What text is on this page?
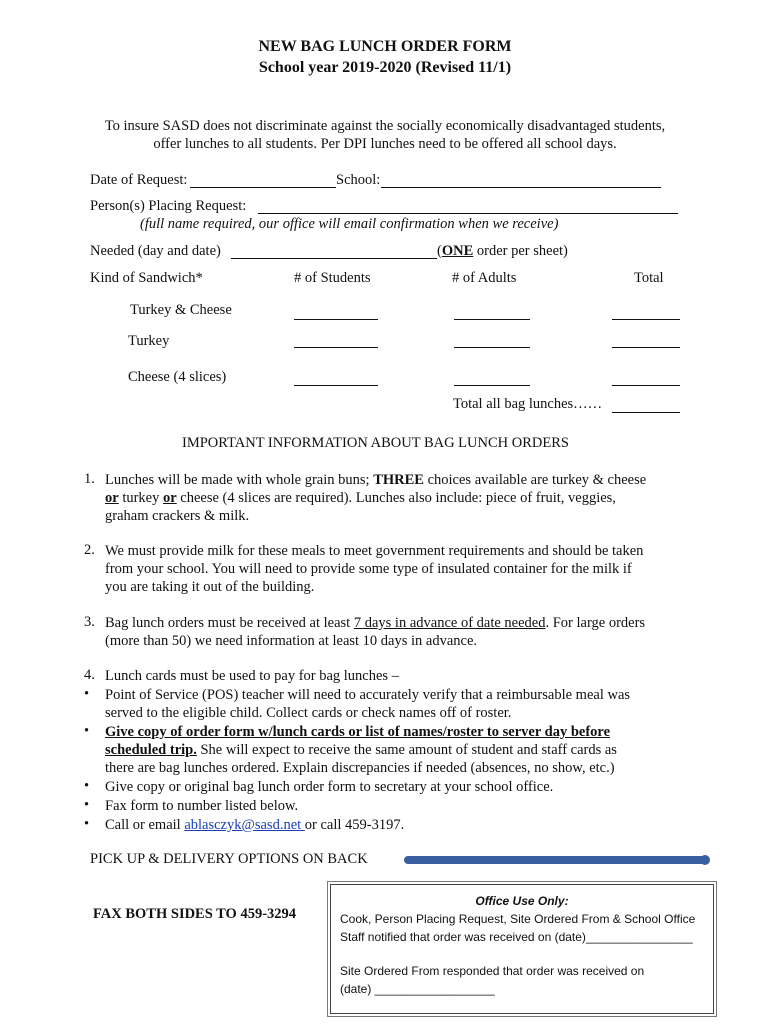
NEW BAG LUNCH ORDER FORM
School year 2019-2020 (Revised 11/1)
To insure SASD does not discriminate against the socially economically disadvantaged students,
offer lunches to all students. Per DPI lunches need to be offered all school days.
Date of Request:	School:
Person(s) Placing Request:
(full name required, our office will email confirmation when we receive)
Needed (day and date)	(ONE order per sheet)
Kind of Sandwich*	# of Students	# of Adults	Total
Turkey & Cheese
Turkey
Cheese (4 slices)
Total all bag lunches……
IMPORTANT INFORMATION ABOUT BAG LUNCH ORDERS
1. Lunches will be made with whole grain buns; THREE choices available are turkey & cheese
or turkey or cheese (4 slices are required). Lunches also include: piece of fruit, veggies,
graham crackers & milk.
2. We must provide milk for these meals to meet government requirements and should be taken
from your school. You will need to provide some type of insulated container for the milk if
you are taking it out of the building.
3. Bag lunch orders must be received at least 7 days in advance of date needed. For large orders
(more than 50) we need information at least 10 days in advance.
4. Lunch cards must be used to pay for bag lunches –
• Point of Service (POS) teacher will need to accurately verify that a reimbursable meal was
served to the eligible child. Collect cards or check names off of roster.
• Give copy of order form w/lunch cards or list of names/roster to server day before
scheduled trip. She will expect to receive the same amount of student and staff cards as
there are bag lunches ordered. Explain discrepancies if needed (absences, no show, etc.)
• Give copy or original bag lunch order form to secretary at your school office.
• Fax form to number listed below.
• Call or email ablasczyk@sasd.net or call 459-3197.
PICK UP & DELIVERY OPTIONS ON BACK
FAX BOTH SIDES TO 459-3294
Office Use Only:
Cook, Person Placing Request, Site Ordered From & School Office
Staff notified that order was received on (date)________________
Site Ordered From responded that order was received on
(date) __________________
